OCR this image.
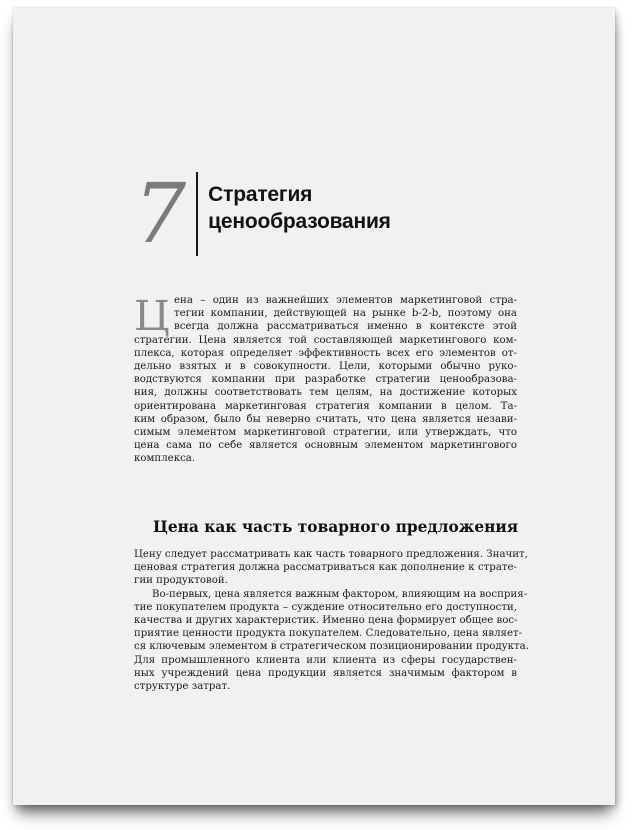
7 Стратегия
ценообразования
Ц ена – один из важнейших элементов маркетинговой стра-
тегии компании, действующей на рынке b-2-b, поэтому она
всегда должна рассматриваться именно в контексте этой
стратегии. Цена является той составляющей маркетингового ком-
плекса, которая определяет эффективность всех его элементов от-
дельно взятых и в совокупности. Цели, которыми обычно руко-
водствуются компании при разработке стратегии ценообразова-
ния, должны соответствовать тем целям, на достижение которых
ориентирована маркетинговая стратегия компании в целом. Та-
ким образом, было бы неверно считать, что цена является незави-
симым элементом маркетинговой стратегии, или утверждать, что
цена сама по себе является основным элементом маркетингового
комплекса.
Цена как часть товарного предложения
Цену следует рассматривать как часть товарного предложения. Значит,
ценовая стратегия должна рассматриваться как дополнение к страте-
гии продуктовой.
Во-первых, цена является важным фактором, влияющим на восприя-
тие покупателем продукта – суждение относительно его доступности,
качества и других характеристик. Именно цена формирует общее вос-
приятие ценности продукта покупателем. Следовательно, цена являет-
ся ключевым элементом в стратегическом позиционировании продукта.
Для промышленного клиента или клиента из сферы государствен-
ных учреждений цена продукции является значимым фактором в
структуре затрат.
